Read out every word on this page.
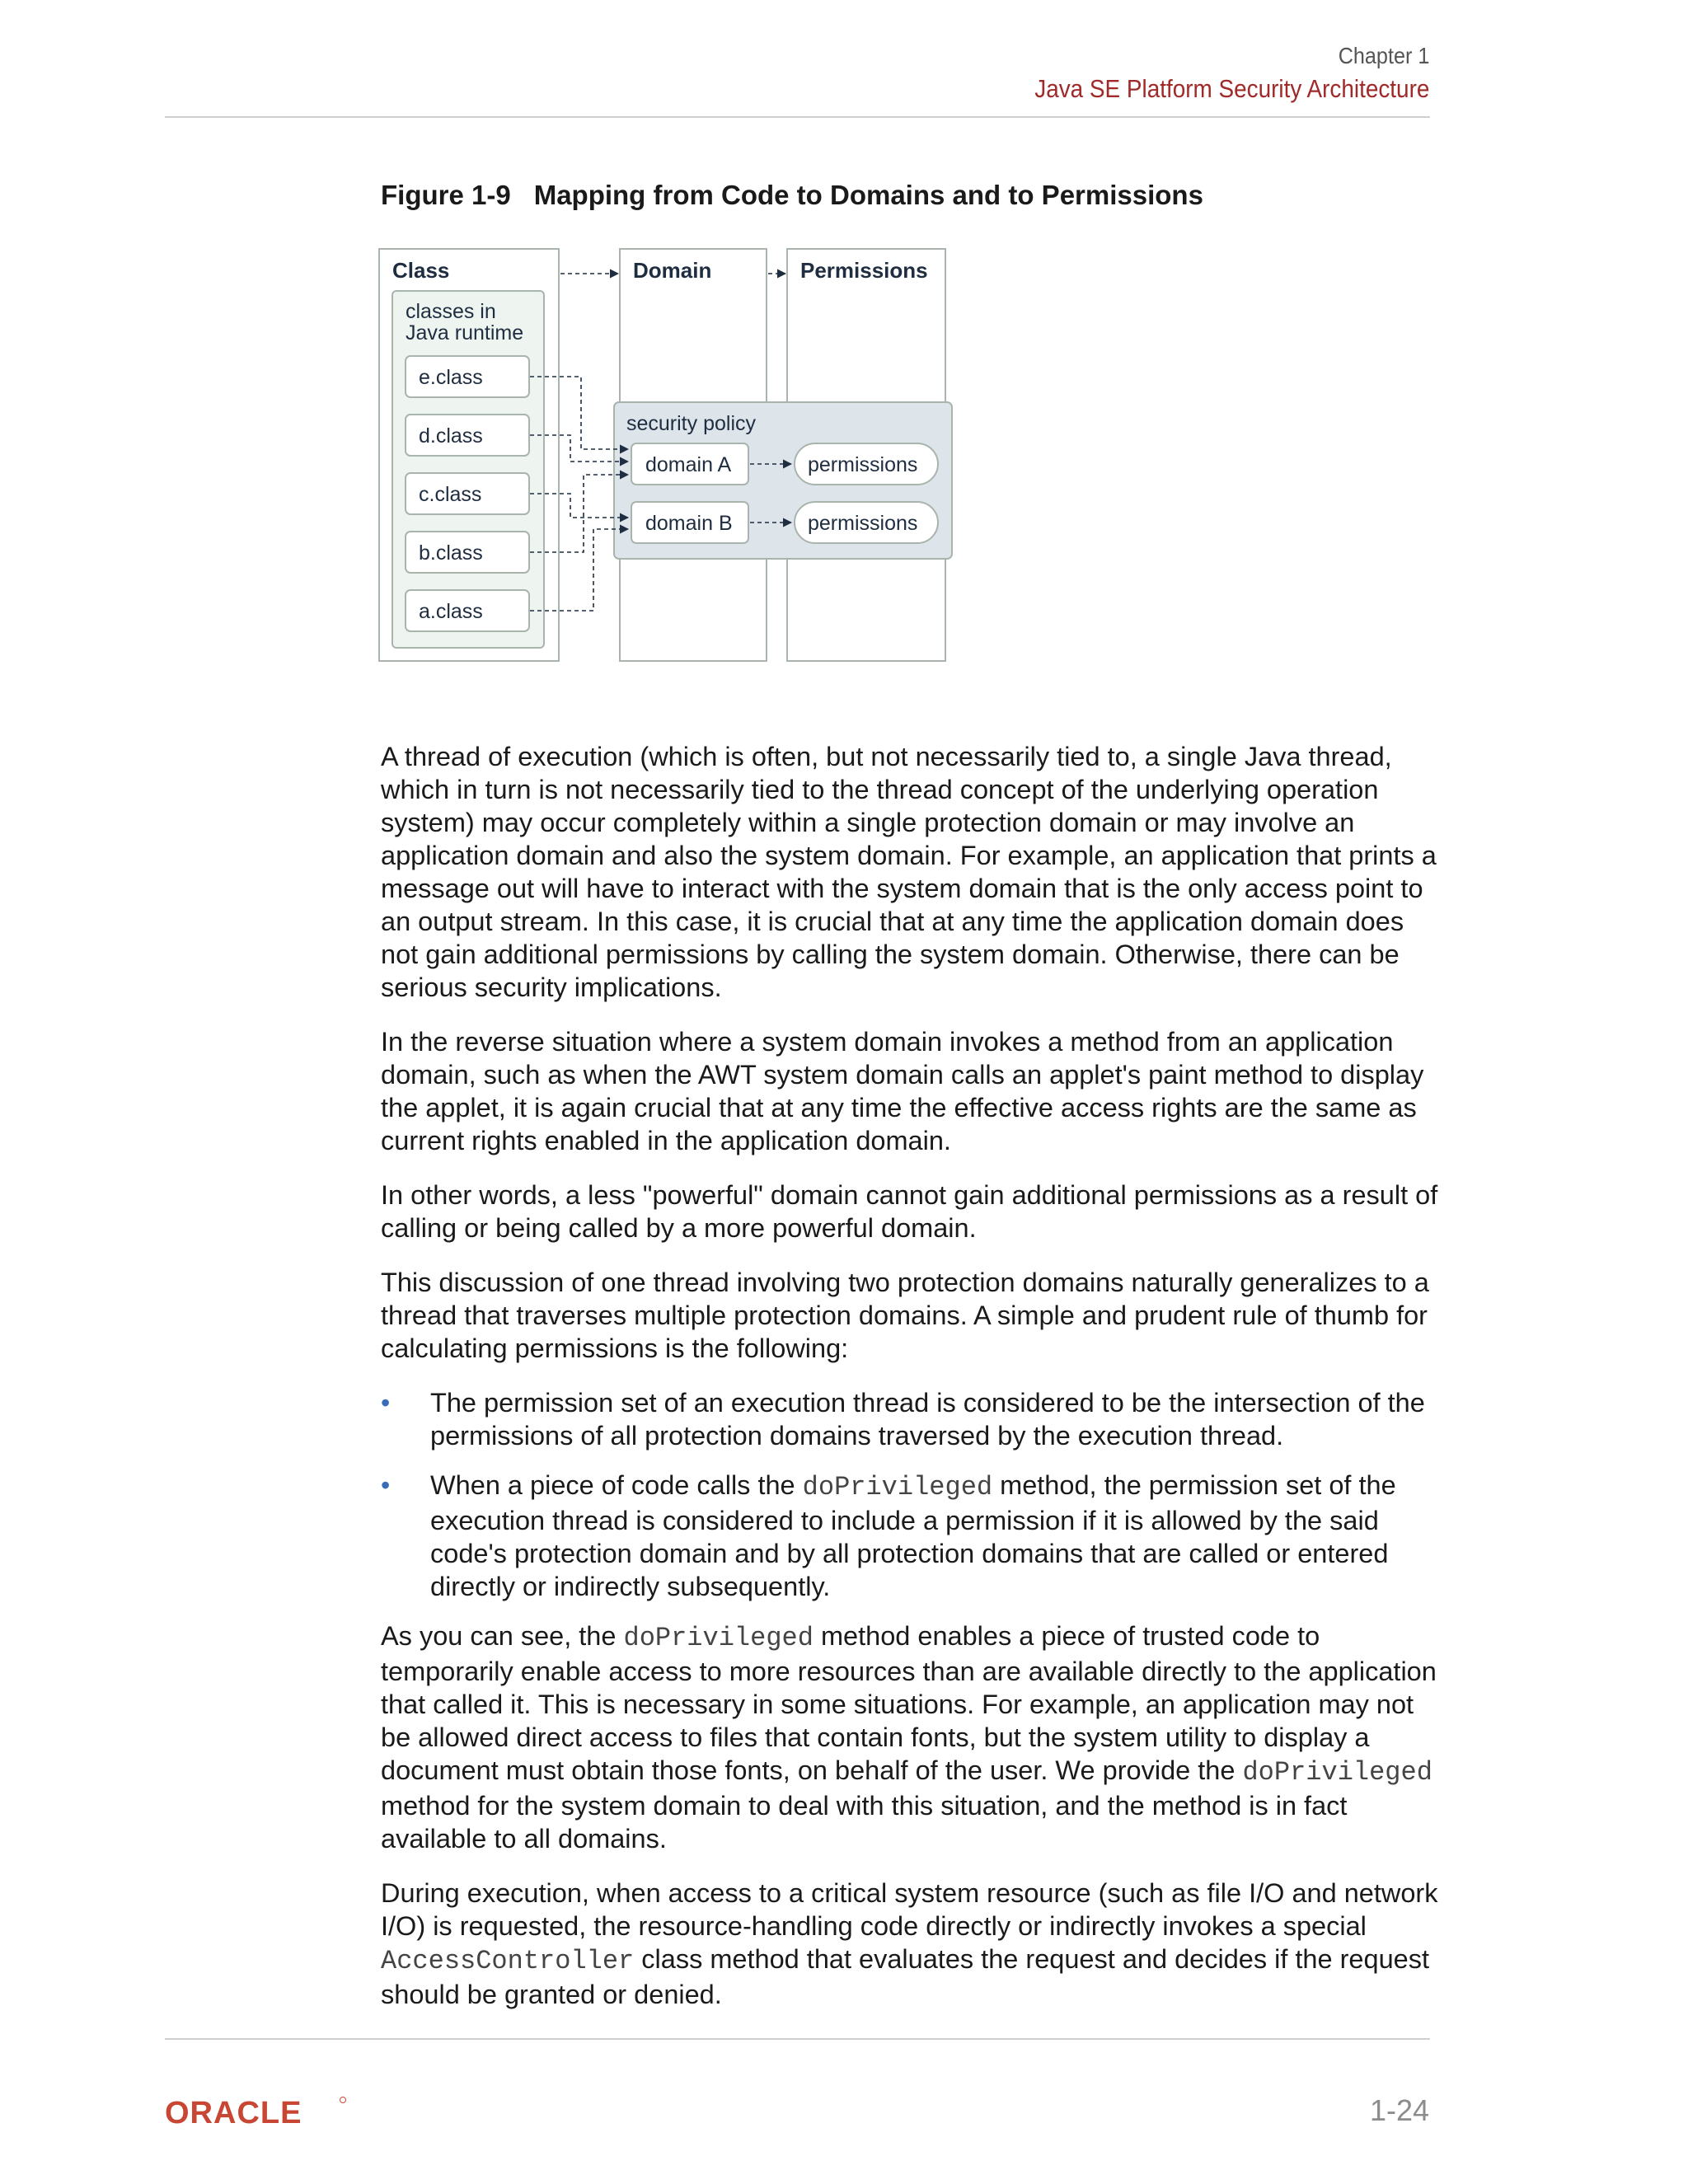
Chapter 1
Java SE Platform Security Architecture
Figure 1-9 Mapping from Code to Domains and to Permissions
Class	Domain	Permissions
classes in
Java runtime
e.class
d.class
c.class
b.class
a.class
security policy
domain A
domain B
permissions
permissions

A thread of execution (which is often, but not necessarily tied to, a single Java thread, which in turn is not necessarily tied to the thread concept of the underlying operation system) may occur completely within a single protection domain or may involve an application domain and also the system domain. For example, an application that prints a message out will have to interact with the system domain that is the only access point to an output stream. In this case, it is crucial that at any time the application domain does not gain additional permissions by calling the system domain. Otherwise, there can be serious security implications.

In the reverse situation where a system domain invokes a method from an application domain, such as when the AWT system domain calls an applet's paint method to display the applet, it is again crucial that at any time the effective access rights are the same as current rights enabled in the application domain.

In other words, a less "powerful" domain cannot gain additional permissions as a result of calling or being called by a more powerful domain.

This discussion of one thread involving two protection domains naturally generalizes to a thread that traverses multiple protection domains. A simple and prudent rule of thumb for calculating permissions is the following:

• The permission set of an execution thread is considered to be the intersection of the permissions of all protection domains traversed by the execution thread.
• When a piece of code calls the doPrivileged method, the permission set of the execution thread is considered to include a permission if it is allowed by the said code's protection domain and by all protection domains that are called or entered directly or indirectly subsequently.

As you can see, the doPrivileged method enables a piece of trusted code to temporarily enable access to more resources than are available directly to the application that called it. This is necessary in some situations. For example, an application may not be allowed direct access to files that contain fonts, but the system utility to display a document must obtain those fonts, on behalf of the user. We provide the doPrivileged method for the system domain to deal with this situation, and the method is in fact available to all domains.

During execution, when access to a critical system resource (such as file I/O and network I/O) is requested, the resource-handling code directly or indirectly invokes a special AccessController class method that evaluates the request and decides if the request should be granted or denied.

ORACLE	1-24
